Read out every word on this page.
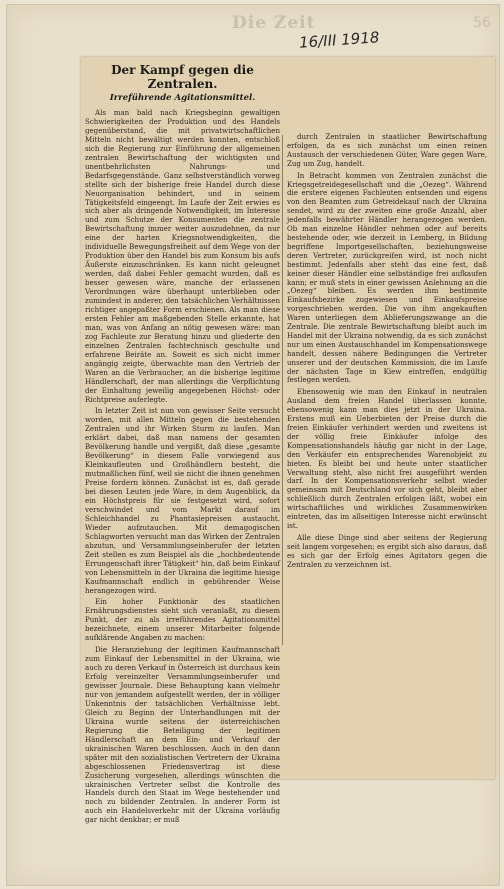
Die Zeit	56
16/III 1918
Der Kampf gegen die Zentralen.
Irreführende Agitationsmittel.

Als man bald nach Kriegsbeginn gewaltigen Schwierigkeiten der Produktion und des Handels gegenüberstand, die mit privatwirtschaftlichen Mitteln nicht bewältigt werden konnten, entschloß sich die Regierung zur Einführung der allgemeinen zentralen Bewirtschaftung der wichtigsten und unentbehrlichsten Nahrungs- und Bedarfsgegenstände. Ganz selbstverständlich vorweg stellte sich der bisherige freie Handel durch diese Neuorganisation behindert, und in seinem Tätigkeitsfeld eingeengt. Im Laufe der Zeit erwies es sich aber als dringende Notwendigkeit, im Interesse und zum Schutze der Konsumenten die zentrale Bewirtschaftung immer weiter auszudehnen, da nur eine der harten Kriegsnotwendigkeiten, die individuelle Bewegungsfreiheit auf dem Wege von der Produktion über den Handel bis zum Konsum bis aufs Äußerste einzuschränken. Es kann nicht geleugnet werden, daß dabei Fehler gemacht wurden, daß es besser gewesen wäre, manche der erlassenen Verordnungen wäre überhaupt unterblieben oder zumindest in anderer, den tatsächlichen Verhältnissen richtiger angepaßter Form erschienen. Als man diese ersten Fehler am maßgebenden Stelle erkannte, hat man, was von Anfang an nötig gewesen wäre: man zog Fachleute zur Beratung hinzu und gliederte den einzelnen Zentralen fachtechnisch geschulte und erfahrene Beiräte an. Soweit es sich nicht immer angängig zeigte, überwachte man den Vertrieb der Waren an die Verbraucher, an die bisherige legitime Händlerschaft, der man allerdings die Verpflichtung der Einhaltung jeweilig angegebenen Höchst- oder Richtpreise auferlegte.

In letzter Zeit ist nun von gewisser Seite versucht worden, mit allen Mitteln gegen die bestehenden Zentralen und ihr Wirken Sturm zu laufen. Man erklärt dabei, daß man namens der gesamten Bevölkerung handle und vergißt, daß diese „gesamte Bevölkerung“ in diesem Falle vorwiegend aus Kleinkaufleuten und Großhändlern besteht, die mutmaßlichen fünf, weil sie nicht die ihnen genehmen Preise fordern können. Zunächst ist es, daß gerade bei diesen Leuten jede Ware, in dem Augenblick, da ein Höchstpreis für sie festgesetzt wird, sofort verschwindet und vom Markt darauf im Schleichhandel zu Phantasiepreisen austaucht. Wieder aufzutauchen. Mit demagogischen Schlagworten versucht man das Wirken der Zentralen abzutun, und Versammlungseinberufer der letzten Zeit stellen es zum Beispiel als die „hochbedeutende Errungenschaft ihrer Tätigkeit“ hin, daß beim Einkauf von Lebensmitteln in der Ukraina die legitime hiesige Kaufmannschaft endlich in gebührender Weise herangezogen wird.

Ein hoher Funktionär des staatlichen Ernährungsdienstes sieht sich veranlaßt, zu diesem Punkt, der zu als irreführendes Agitationsmittel bezeichnete, einem unserer Mitarbeiter folgende aufklärende Angaben zu machen:

Die Heranziehung der legitimen Kaufmannschaft zum Einkauf der Lebensmittel in der Ukraina, wie auch zu deren Verkauf in Österreich ist durchaus kein Erfolg vereinzelter Versammlungseinberufer und gewisser Journale. Diese Behauptung kann vielmehr nur von jemandem aufgestellt werden, der in völliger Unkenntnis der tatsächlichen Verhältnisse lebt. Gleich zu Beginn der Unterhandlungen mit der Ukraina wurde seitens der österreichischen Regierung die Beteiligung der legitimen Händlerschaft an dem Ein- und Verkauf der ukrainischen Waren beschlossen. Auch in den dann später mit den sozialistischen Vertretern der Ukraina abgeschlossenen Friedensvertrag ist diese Zusicherung vorgesehen, allerdings wünschten die ukrainischen Vertreter selbst die Kontrolle des Handels durch den Staat im Wege bestehender und noch zu bildender Zentralen. In anderer Form ist auch ein Handelsverkehr mit der Ukraina vorläufig gar nicht denkbar; er muß

durch Zentralen in staatlicher Bewirtschaftung erfolgen, da es sich zunächst um einen reinen Austausch der verschiedenen Güter, Ware gegen Ware, Zug um Zug, handelt.

In Betracht kommen von Zentralen zunächst die Kriegsgetreidegesellschaft und die „Oezeg“. Während die erstere eigenen Fachleuten entsenden und eigens von den Beamten zum Getreidekauf nach der Ukraina sendet, wird zu der zweiten eine große Anzahl, aber jedenfalls bewährter Händler herangezogen werden. Ob man einzelne Händler nehmen oder auf bereits bestehende oder, wie derzeit in Lemberg, in Bildung begriffene Importgesellschaften, beziehungsweise deren Vertreter, zurückgreifen wird, ist noch nicht bestimmt. Jedenfalls aber steht das eine fest, daß keiner dieser Händler eine selbständige frei aufkaufen kann; er muß stets in einer gewissen Anlehnung an die „Oezeg“ bleiben. Es werden ihm bestimmte Einkaufsbezirke zugewiesen und Einkaufspreise vorgeschrieben werden. Die von ihm angekauften Waren unterliegen dem Ablieferungszwange an die Zentrale. Die zentrale Bewirtschaftung bleibt auch im Handel mit der Ukraina notwendig, da es sich zunächst nur um einen Austauschhandel im Kompensationswege handelt, dessen nähere Bedingungen die Vertreter unserer und der deutschen Kommission, die im Laufe der nächsten Tage in Kiew eintreffen, endgültig festlegen werden.

Ebensowenig wie man den Einkauf in neutralen Ausland dem freien Handel überlassen konnte, ebensowenig kann man dies jetzt in der Ukraina. Erstens muß ein Ueberbieten der Preise durch die freien Einkäufer verhindert werden und zweitens ist der völlig freie Einkäufer infolge des Kompensationshandels häufig gar nicht in der Lage, den Verkäufer ein entsprechendes Warenobjekt zu bieten. Es bleibt bei und heute unter staatlicher Verwaltung steht, also nicht frei ausgeführt werden darf. In der Kompensationsverkehr selbst wieder gemeinsam mit Deutschland vor sich geht, bleibt aber schließlich durch Zentralen erfolgen läßt, wobei ein wirtschaftliches und wirkliches Zusammenwirken eintreten, das im allseitigen Interesse nicht erwünscht ist.

Alle diese Dinge sind aber seitens der Regierung seit langem vorgesehen; es ergibt sich also daraus, daß es sich gar der Erfolg eines Agitators gegen die Zentralen zu verzeichnen ist.
